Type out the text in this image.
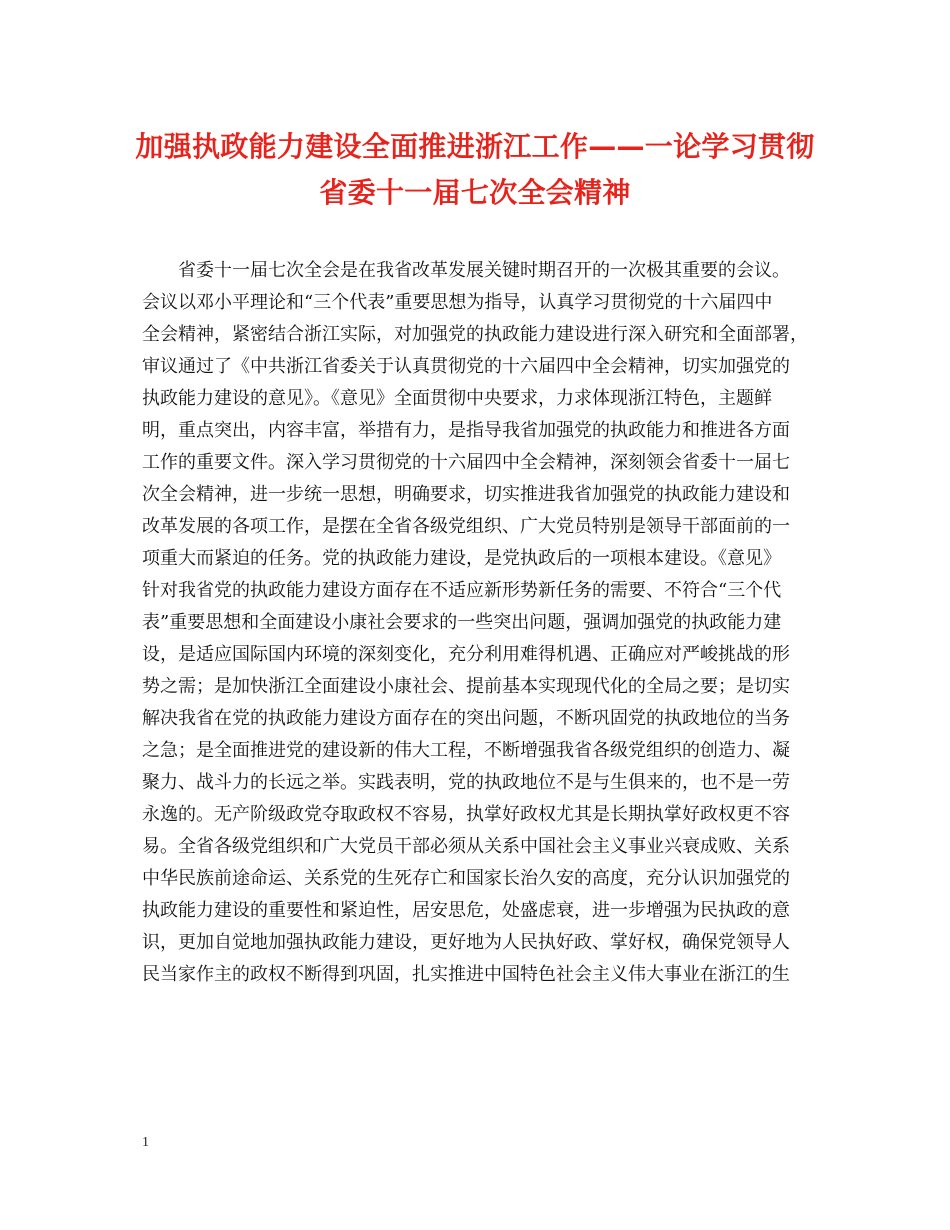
加强执政能力建设全面推进浙江工作——一论学习贯彻
省委十一届七次全会精神
　　省委十一届七次全会是在我省改革发展关键时期召开的一次极其重要的会议。
会议以邓小平理论和“三个代表”重要思想为指导，认真学习贯彻党的十六届四中
全会精神，紧密结合浙江实际，对加强党的执政能力建设进行深入研究和全面部署，
审议通过了《中共浙江省委关于认真贯彻党的十六届四中全会精神，切实加强党的
执政能力建设的意见》。《意见》全面贯彻中央要求，力求体现浙江特色，主题鲜
明，重点突出，内容丰富，举措有力，是指导我省加强党的执政能力和推进各方面
工作的重要文件。深入学习贯彻党的十六届四中全会精神，深刻领会省委十一届七
次全会精神，进一步统一思想，明确要求，切实推进我省加强党的执政能力建设和
改革发展的各项工作，是摆在全省各级党组织、广大党员特别是领导干部面前的一
项重大而紧迫的任务。党的执政能力建设，是党执政后的一项根本建设。《意见》
针对我省党的执政能力建设方面存在不适应新形势新任务的需要、不符合“三个代
表”重要思想和全面建设小康社会要求的一些突出问题，强调加强党的执政能力建
设，是适应国际国内环境的深刻变化，充分利用难得机遇、正确应对严峻挑战的形
势之需；是加快浙江全面建设小康社会、提前基本实现现代化的全局之要；是切实
解决我省在党的执政能力建设方面存在的突出问题，不断巩固党的执政地位的当务
之急；是全面推进党的建设新的伟大工程，不断增强我省各级党组织的创造力、凝
聚力、战斗力的长远之举。实践表明，党的执政地位不是与生俱来的，也不是一劳
永逸的。无产阶级政党夺取政权不容易，执掌好政权尤其是长期执掌好政权更不容
易。全省各级党组织和广大党员干部必须从关系中国社会主义事业兴衰成败、关系
中华民族前途命运、关系党的生死存亡和国家长治久安的高度，充分认识加强党的
执政能力建设的重要性和紧迫性，居安思危，处盛虑衰，进一步增强为民执政的意
识，更加自觉地加强执政能力建设，更好地为人民执好政、掌好权，确保党领导人
民当家作主的政权不断得到巩固，扎实推进中国特色社会主义伟大事业在浙江的生
1
